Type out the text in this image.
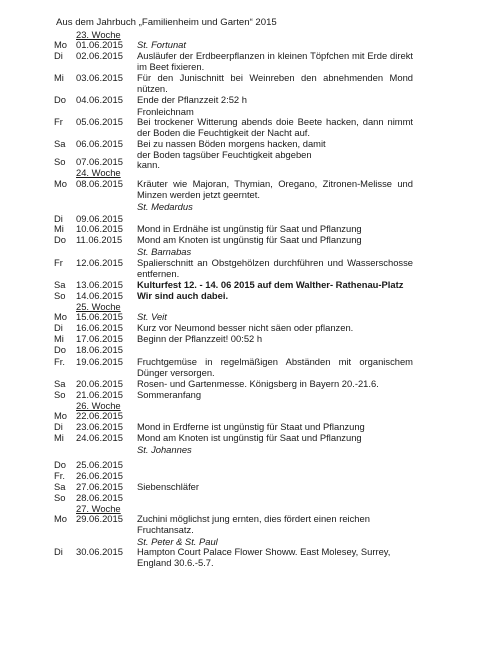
Aus dem Jahrbuch „Familienheim und Garten“ 2015
23. Woche
Mo 01.06.2015 St. Fortunat
Di 02.06.2015 Ausläufer der Erdbeerpflanzen in kleinen Töpfchen mit Erde direkt im Beet fixieren.
Mi 03.06.2015 Für den Junischnitt bei Weinreben den abnehmenden Mond nützen.
Do 04.06.2015 Ende der Pflanzzeit 2:52 h
Fronleichnam
Fr 05.06.2015 Bei trockener Witterung abends doie Beete hacken, dann nimmt der Boden die Feuchtigkeit der Nacht auf.
Sa 06.06.2015 Bei zu nassen Böden morgens hacken, damit der Boden tagsüber Feuchtigkeit abgeben kann.
So 07.06.2015
24. Woche
Mo 08.06.2015 Kräuter wie Majoran, Thymian, Oregano, Zitronen-Melisse und Minzen werden jetzt geerntet.
St. Medardus
Di 09.06.2015
Mi 10.06.2015 Mond in Erdnähe ist ungünstig für Saat und Pflanzung
Do 11.06.2015 Mond am Knoten ist ungünstig für Saat und Pflanzung
St. Barnabas
Fr 12.06.2015 Spalierschnitt an Obstgehölzen durchführen und Wasserschosse entfernen.
Sa 13.06.2015 Kulturfest 12. - 14. 06 2015 auf dem Walther- Rathenau-Platz
So 14.06.2015 Wir sind auch dabei.
25. Woche
Mo 15.06.2015 St. Veit
Di 16.06.2015 Kurz vor Neumond besser nicht säen oder pflanzen.
Mi 17.06.2015 Beginn der Pflanzzeit! 00:52 h
Do 18.06.2015
Fr. 19.06.2015 Fruchtgemüse in regelmäßigen Abständen mit organischem Dünger versorgen.
Sa 20.06.2015 Rosen- und Gartenmesse. Königsberg in Bayern 20.-21.6.
So 21.06.2015 Sommeranfang
26. Woche
Mo 22.06.2015
Di 23.06.2015 Mond in Erdferne ist ungünstig für Staat und Pflanzung
Mi 24.06.2015 Mond am Knoten ist ungünstig für Saat und Pflanzung
St. Johannes
Do 25.06.2015
Fr. 26.06.2015
Sa 27.06.2015 Siebenschläfer
So 28.06.2015
27. Woche
Mo 29.06.2015 Zuchini möglichst jung ernten, dies fördert einen reichen Fruchtansatz.
St. Peter & St. Paul
Di 30.06.2015 Hampton Court Palace Flower Showw. East Molesey, Surrey, England 30.6.-5.7.
